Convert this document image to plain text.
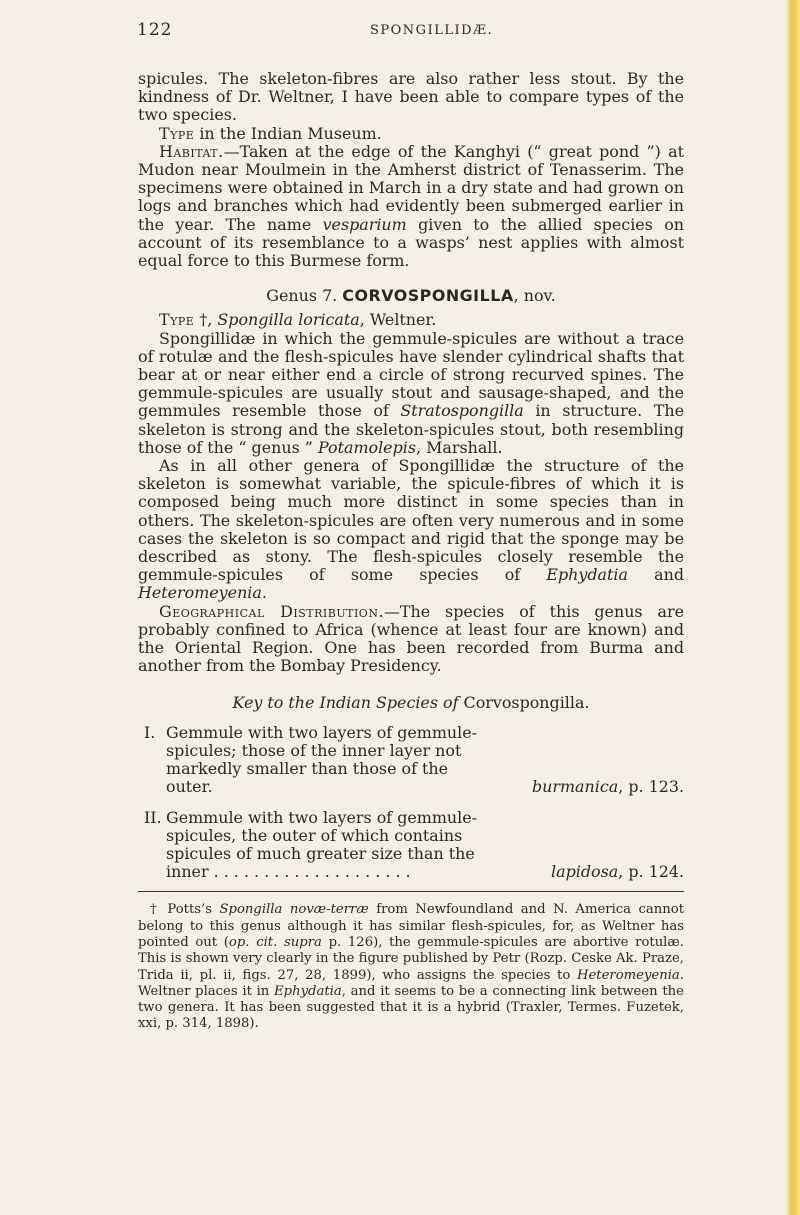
122	SPONGILLIDÆ.

spicules. The skeleton-fibres are also rather less stout. By the kindness of Dr. Weltner, I have been able to compare types of the two species.

Type in the Indian Museum.

Habitat.—Taken at the edge of the Kanghyi (“ great pond ”) at Mudon near Moulmein in the Amherst district of Tenasserim. The specimens were obtained in March in a dry state and had grown on logs and branches which had evidently been submerged earlier in the year. The name vesparium given to the allied species on account of its resemblance to a wasps’ nest applies with almost equal force to this Burmese form.

Genus 7. CORVOSPONGILLA, nov.

Type †, Spongilla loricata, Weltner.

Spongillidæ in which the gemmule-spicules are without a trace of rotulæ and the flesh-spicules have slender cylindrical shafts that bear at or near either end a circle of strong recurved spines. The gemmule-spicules are usually stout and sausage-shaped, and the gemmules resemble those of Stratospongilla in structure. The skeleton is strong and the skeleton-spicules stout, both resembling those of the “ genus ” Potamolepis, Marshall.

As in all other genera of Spongillidæ the structure of the skeleton is somewhat variable, the spicule-fibres of which it is composed being much more distinct in some species than in others. The skeleton-spicules are often very numerous and in some cases the skeleton is so compact and rigid that the sponge may be described as stony. The flesh-spicules closely resemble the gemmule-spicules of some species of Ephydatia and Heteromeyenia.

Geographical Distribution.—The species of this genus are probably confined to Africa (whence at least four are known) and the Oriental Region. One has been recorded from Burma and another from the Bombay Presidency.

Key to the Indian Species of Corvospongilla.

I. Gemmule with two layers of gemmule-spicules; those of the inner layer not markedly smaller than those of the outer.	burmanica, p. 123.
II. Gemmule with two layers of gemmule-spicules, the outer of which contains spicules of much greater size than the inner . . . . . . . . . . . . . . . . . . . .	lapidosa, p. 124.

† Potts’s Spongilla novæ-terræ from Newfoundland and N. America cannot belong to this genus although it has similar flesh-spicules, for, as Weltner has pointed out (op. cit. supra p. 126), the gemmule-spicules are abortive rotulæ. This is shown very clearly in the figure published by Petr (Rozp. Ceske Ak. Praze, Trida ii, pl. ii, figs. 27, 28, 1899), who assigns the species to Heteromeyenia. Weltner places it in Ephydatia, and it seems to be a connecting link between the two genera. It has been suggested that it is a hybrid (Traxler, Termes. Fuzetek, xxi, p. 314, 1898).
